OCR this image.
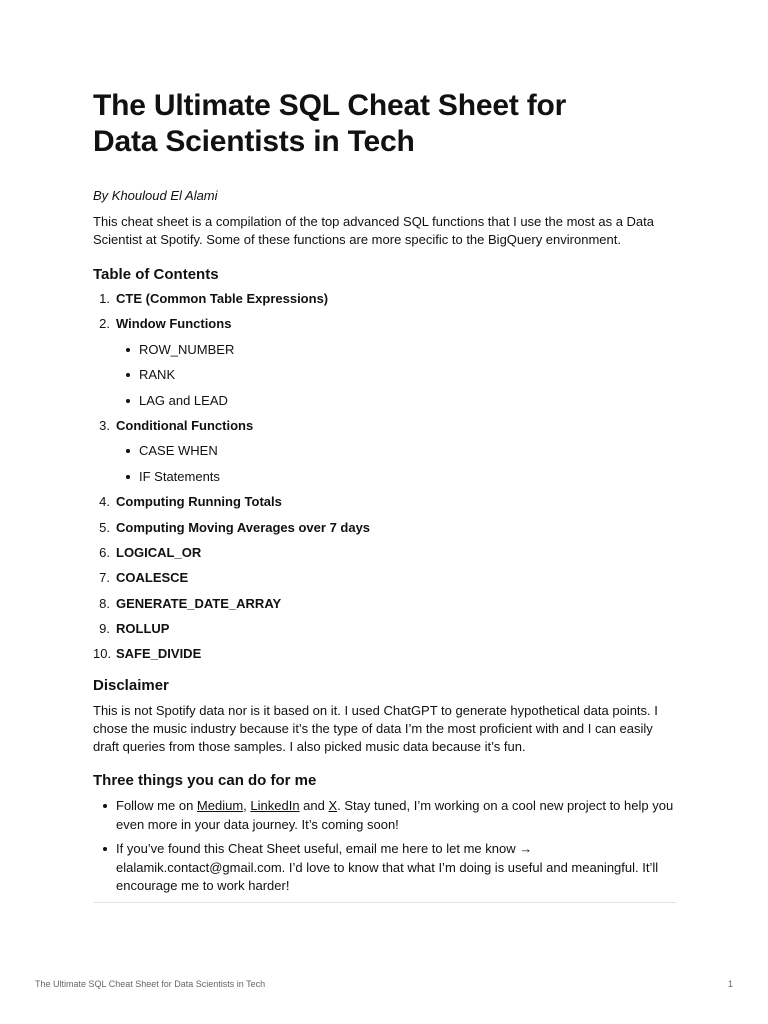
The Ultimate SQL Cheat Sheet for
Data Scientists in Tech
By Khouloud El Alami
This cheat sheet is a compilation of the top advanced SQL functions that I use the most as a Data Scientist at Spotify. Some of these functions are more specific to the BigQuery environment.
Table of Contents
1. CTE (Common Table Expressions)
2. Window Functions
ROW_NUMBER
RANK
LAG and LEAD
3. Conditional Functions
CASE WHEN
IF Statements
4. Computing Running Totals
5. Computing Moving Averages over 7 days
6. LOGICAL_OR
7. COALESCE
8. GENERATE_DATE_ARRAY
9. ROLLUP
10. SAFE_DIVIDE
Disclaimer
This is not Spotify data nor is it based on it. I used ChatGPT to generate hypothetical data points. I chose the music industry because it’s the type of data I’m the most proficient with and I can easily draft queries from those samples. I also picked music data because it’s fun.
Three things you can do for me
Follow me on Medium, LinkedIn and X. Stay tuned, I’m working on a cool new project to help you even more in your data journey. It’s coming soon!
If you’ve found this Cheat Sheet useful, email me here to let me know → elalamik.contact@gmail.com. I’d love to know that what I’m doing is useful and meaningful. It’ll encourage me to work harder!
The Ultimate SQL Cheat Sheet for Data Scientists in Tech	1
